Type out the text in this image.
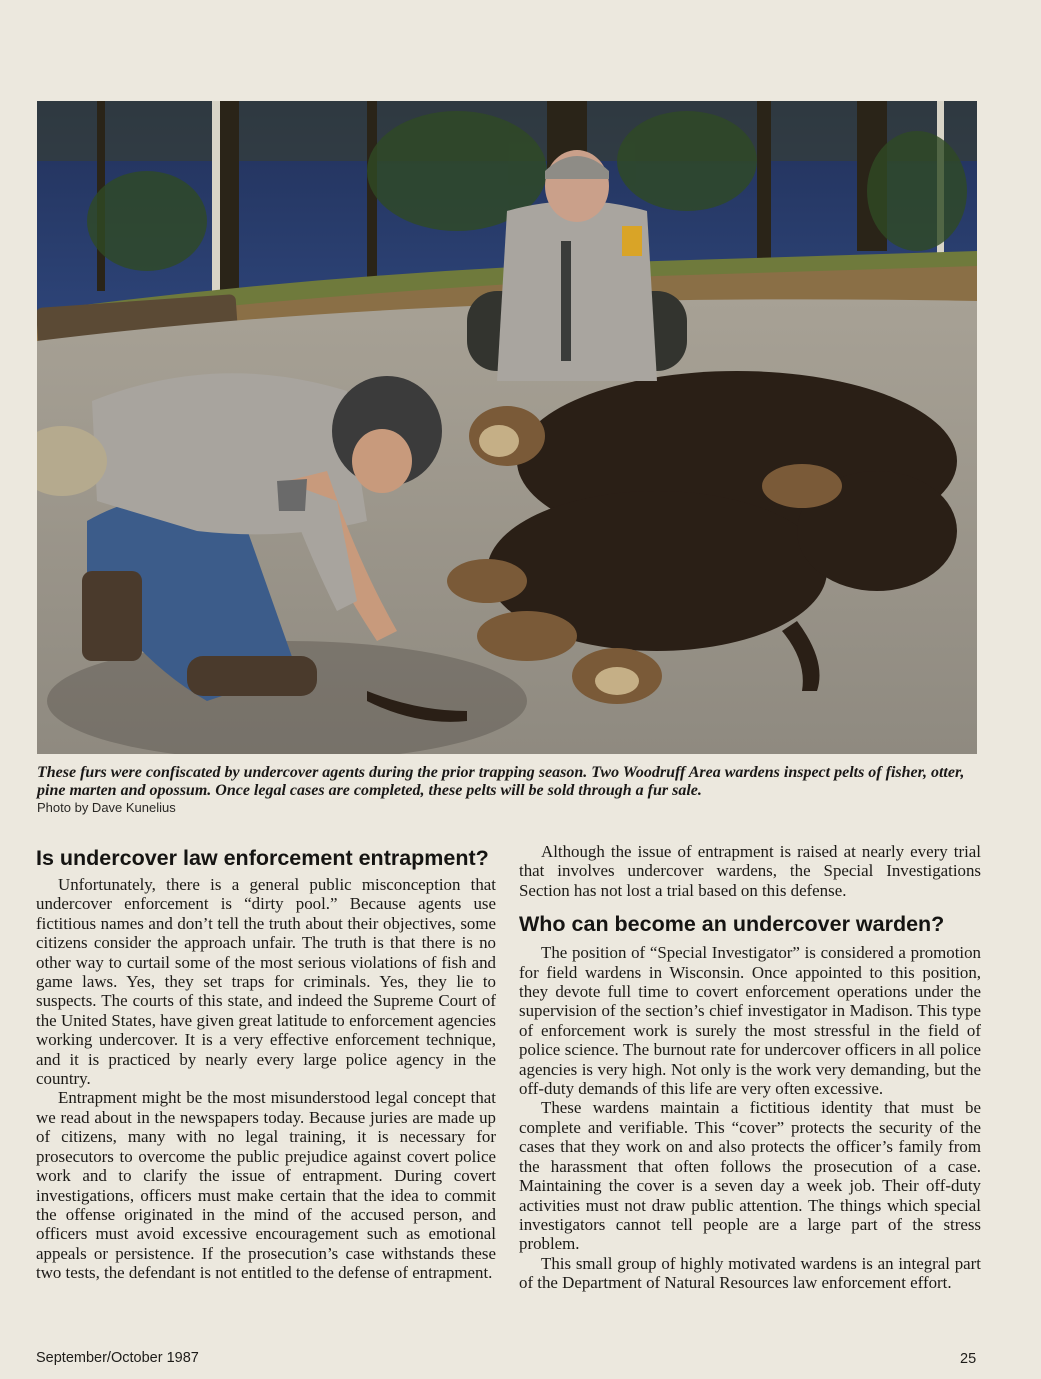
These furs were confiscated by undercover agents during the prior trapping season. Two Woodruff Area wardens inspect pelts of fisher, otter, pine marten and opossum. Once legal cases are completed, these pelts will be sold through a fur sale.

Photo by Dave Kunelius

Is undercover law enforcement entrapment?

Unfortunately, there is a general public misconception that undercover enforcement is “dirty pool.” Because agents use fictitious names and don’t tell the truth about their objectives, some citizens consider the approach unfair. The truth is that there is no other way to curtail some of the most serious violations of fish and game laws. Yes, they set traps for criminals. Yes, they lie to suspects. The courts of this state, and indeed the Supreme Court of the United States, have given great latitude to enforcement agencies working undercover. It is a very effective enforcement technique, and it is practiced by nearly every large police agency in the country.

Entrapment might be the most misunderstood legal concept that we read about in the newspapers today. Because juries are made up of citizens, many with no legal training, it is necessary for prosecutors to overcome the public prejudice against covert police work and to clarify the issue of entrapment. During covert investigations, officers must make certain that the idea to commit the offense originated in the mind of the accused person, and officers must avoid excessive encouragement such as emotional appeals or persistence. If the prosecution’s case withstands these two tests, the defendant is not entitled to the defense of entrapment.

Although the issue of entrapment is raised at nearly every trial that involves undercover wardens, the Special Investigations Section has not lost a trial based on this defense.

Who can become an undercover warden?

The position of “Special Investigator” is considered a promotion for field wardens in Wisconsin. Once appointed to this position, they devote full time to covert enforcement operations under the supervision of the section’s chief investigator in Madison. This type of enforcement work is surely the most stressful in the field of police science. The burnout rate for undercover officers in all police agencies is very high. Not only is the work very demanding, but the off-duty demands of this life are very often excessive.

These wardens maintain a fictitious identity that must be complete and verifiable. This “cover” protects the security of the cases that they work on and also protects the officer’s family from the harassment that often follows the prosecution of a case. Maintaining the cover is a seven day a week job. Their off-duty activities must not draw public attention. The things which special investigators cannot tell people are a large part of the stress problem.

This small group of highly motivated wardens is an integral part of the Department of Natural Resources law enforcement effort.

September/October 1987	25
